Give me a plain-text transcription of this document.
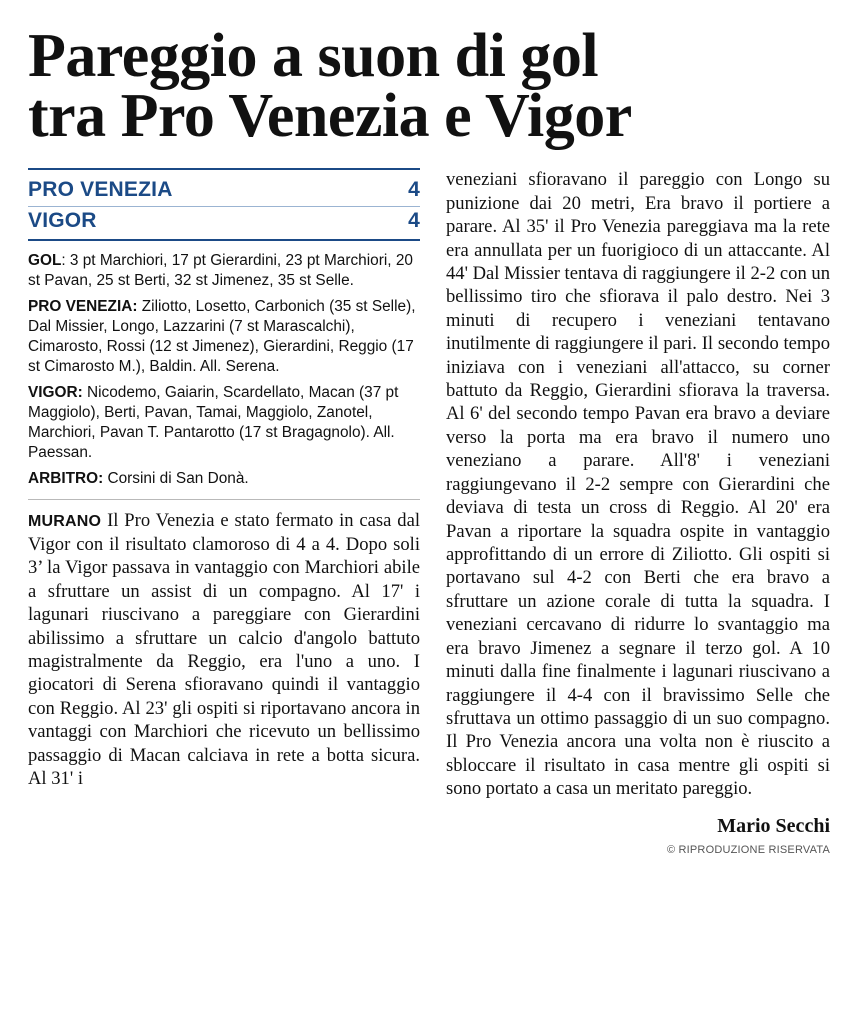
Pareggio a suon di gol
tra Pro Venezia e Vigor
PRO VENEZIA	4
VIGOR	4

GOL: 3 pt Marchiori, 17 pt Gierardini, 23 pt Marchiori, 20 st Pavan, 25 st Berti, 32 st Jimenez, 35 st Selle.

PRO VENEZIA: Ziliotto, Losetto, Carbonich (35 st Selle), Dal Missier, Longo, Lazzarini (7 st Marascalchi), Cimarosto, Rossi (12 st Jimenez), Gierardini, Reggio (17 st Cimarosto M.), Baldin. All. Serena.

VIGOR: Nicodemo, Gaiarin, Scardellato, Macan (37 pt Maggiolo), Berti, Pavan, Tamai, Maggiolo, Zanotel, Marchiori, Pavan T. Pantarotto (17 st Bragagnolo). All. Paessan.

ARBITRO: Corsini di San Donà.

MURANO Il Pro Venezia e stato fermato in casa dal Vigor con il risultato clamoroso di 4 a 4. Dopo soli 3’ la Vigor passava in vantaggio con Marchiori abile a sfruttare un assist di un compagno. Al 17' i lagunari riuscivano a pareggiare con Gierardini abilissimo a sfruttare un calcio d'angolo battuto magistralmente da Reggio, era l'uno a uno. I giocatori di Serena sfioravano quindi il vantaggio con Reggio. Al 23' gli ospiti si riportavano ancora in vantaggi con Marchiori che ricevuto un bellissimo passaggio di Macan calciava in rete a botta sicura. Al 31' i

veneziani sfioravano il pareggio con Longo su punizione dai 20 metri, Era bravo il portiere a parare. Al 35' il Pro Venezia pareggiava ma la rete era annullata per un fuorigioco di un attaccante. Al 44' Dal Missier tentava di raggiungere il 2-2 con un bellissimo tiro che sfiorava il palo destro. Nei 3 minuti di recupero i veneziani tentavano inutilmente di raggiungere il pari. Il secondo tempo iniziava con i veneziani all'attacco, su corner battuto da Reggio, Gierardini sfiorava la traversa. Al 6' del secondo tempo Pavan era bravo a deviare verso la porta ma era bravo il numero uno veneziano a parare. All'8' i veneziani raggiungevano il 2-2 sempre con Gierardini che deviava di testa un cross di Reggio. Al 20' era Pavan a riportare la squadra ospite in vantaggio approfittando di un errore di Ziliotto. Gli ospiti si portavano sul 4-2 con Berti che era bravo a sfruttare un azione corale di tutta la squadra. I veneziani cercavano di ridurre lo svantaggio ma era bravo Jimenez a segnare il terzo gol. A 10 minuti dalla fine finalmente i lagunari riuscivano a raggiungere il 4-4 con il bravissimo Selle che sfruttava un ottimo passaggio di un suo compagno. Il Pro Venezia ancora una volta non è riuscito a sbloccare il risultato in casa mentre gli ospiti si sono portato a casa un meritato pareggio.

Mario Secchi
© RIPRODUZIONE RISERVATA
